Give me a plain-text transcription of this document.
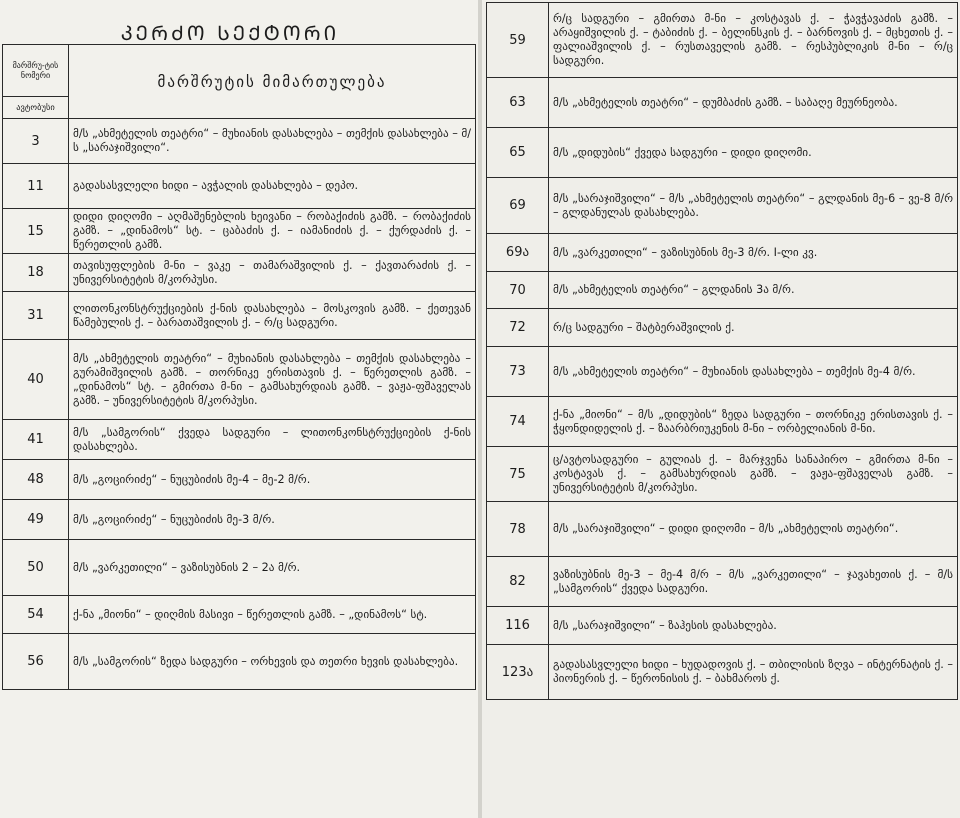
ᲙᲔᲠᲫᲝ ᲡᲔᲥᲢᲝᲠᲘ
მარშრუ-ტის ნომერი	მარშრუტის მიმართულება
ავტობუსი	
3	მ/ს „ახმეტელის თეატრი“ – მუხიანის დასახლება – თემქის დასახლება – მ/ს „სარაჯიშვილი“.
11	გადასასვლელი ხიდი – ავჭალის დასახლება – დეპო.
15	დიდი დიღომი – აღმაშენებლის ხეივანი – რობაქიძის გამზ. – რობაქიძის გამზ. – „დინამოს“ სტ. – ცაბაძის ქ. – იამანიძის ქ. – ქურდაძის ქ. – წერეთლის გამზ.
18	თავისუფლების მ-ნი – ვაკე – თამარაშვილის ქ. – ქავთარაძის ქ. – უნივერსიტეტის მ/კორპუსი.
31	ლითონკონსტრუქციების ქ-ნის დასახლება – მოსკოვის გამზ. – ქეთევან წამებულის ქ. – ბარათაშვილის ქ. – რ/ც სადგური.
40	მ/ს „ახმეტელის თეატრი“ – მუხიანის დასახლება – თემქის დასახლება – გურამიშვილის გამზ. – თორნიკე ერისთავის ქ. – წერეთლის გამზ. – „დინამოს“ სტ. – გმირთა მ-ნი – გამსახურდიას გამზ. – ვაჟა-ფშაველას გამზ. – უნივერსიტეტის მ/კორპუსი.
41	მ/ს „სამგორის“ ქვედა სადგური – ლითონკონსტრუქციების ქ-ნის დასახლება.
48	მ/ს „გოცირიძე“ – ნუცუბიძის მე-4 – მე-2 მ/რ.
49	მ/ს „გოცირიძე“ – ნუცუბიძის მე-3 მ/რ.
50	მ/ს „ვარკეთილი“ – ვაზისუბნის 2 – 2ა მ/რ.
54	ქ-ნა „მიონი“ – დიღმის მასივი – წერეთლის გამზ. – „დინამოს“ სტ.
56	მ/ს „სამგორის“ ზედა სადგური – ორხევის და თეთრი ხევის დასახლება.
59	რ/ც სადგური – გმირთა მ-ნი – კოსტავას ქ. – ჭავჭავაძის გამზ. – არაყიშვილის ქ. – ტაბიძის ქ. – ბელინსკის ქ. – ბარნოვის ქ. – მცხეთის ქ. – ფალიაშვილის ქ. – რუსთაველის გამზ. – რესპუბლიკის მ-ნი – რ/ც სადგური.
63	მ/ს „ახმეტელის თეატრი“ – დუმბაძის გამზ. – საბაღე მეურნეობა.
65	მ/ს „დიდუბის“ ქვედა სადგური – დიდი დიღომი.
69	მ/ს „სარაჯიშვილი“ – მ/ს „ახმეტელის თეატრი“ – გლდანის მე-6 – ვე-8 მ/რ – გლდანულას დასახლება.
69ა	მ/ს „ვარკეთილი“ – ვაზისუბნის მე-3 მ/რ. I-ლი კვ.
70	მ/ს „ახმეტელის თეატრი“ – გლდანის 3ა მ/რ.
72	რ/ც სადგური – შატბერაშვილის ქ.
73	მ/ს „ახმეტელის თეატრი“ – მუხიანის დასახლება – თემქის მე-4 მ/რ.
74	ქ-ნა „მიონი“ – მ/ს „დიდუბის“ ზედა სადგური – თორნიკე ერისთავის ქ. – ჭყონდიდელის ქ. – ზაარბრიუკენის მ-ნი – ორბელიანის მ-ნი.
75	ც/ავტოსადგური – გულიას ქ. – მარჯვენა სანაპირო – გმირთა მ-ნი – კოსტავას ქ. – გამსახურდიას გამზ. – ვაჟა-ფშაველას გამზ. – უნივერსიტეტის მ/კორპუსი.
78	მ/ს „სარაჯიშვილი“ – დიდი დიღომი – მ/ს „ახმეტელის თეატრი“.
82	ვაზისუბნის მე-3 – მე-4 მ/რ – მ/ს „ვარკეთილი“ – ჯავახეთის ქ. – მ/ს „სამგორის“ ქვედა სადგური.
116	მ/ს „სარაჯიშვილი“ – ზაჰესის დასახლება.
123ა	გადასასვლელი ხიდი – ხუდადოვის ქ. – თბილისის ზღვა – ინტერნატის ქ. – პიონერის ქ. – წერონისის ქ. – ბახმაროს ქ.
